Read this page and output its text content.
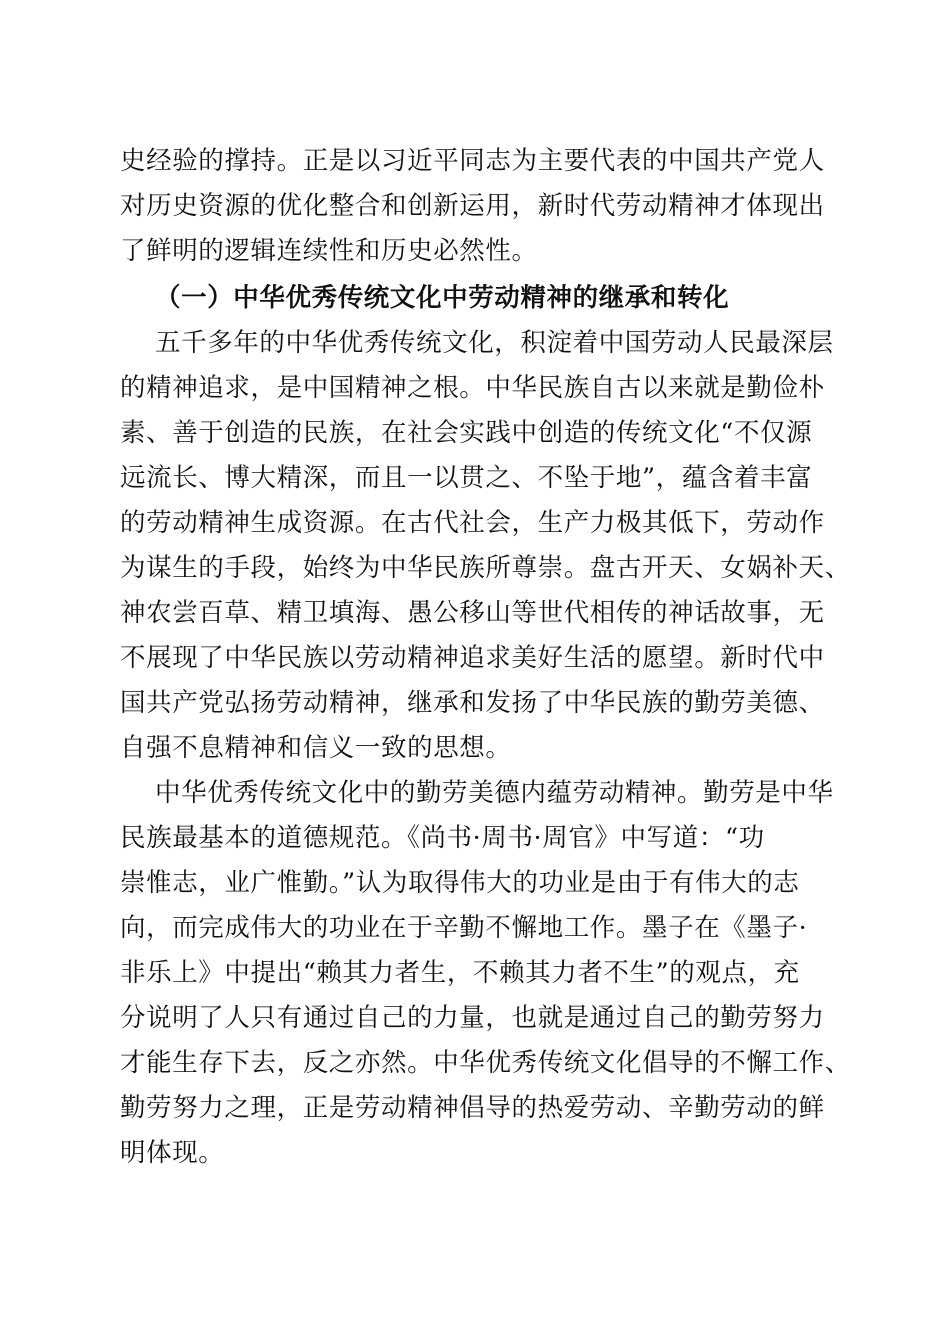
史经验的撑持。正是以习近平同志为主要代表的中国共产党人
对历史资源的优化整合和创新运用，新时代劳动精神才体现出
了鲜明的逻辑连续性和历史必然性。
（一）中华优秀传统文化中劳动精神的继承和转化
五千多年的中华优秀传统文化，积淀着中国劳动人民最深层
的精神追求，是中国精神之根。中华民族自古以来就是勤俭朴
素、善于创造的民族，在社会实践中创造的传统文化“不仅源
远流长、博大精深，而且一以贯之、不坠于地”，蕴含着丰富
的劳动精神生成资源。在古代社会，生产力极其低下，劳动作
为谋生的手段，始终为中华民族所尊崇。盘古开天、女娲补天、
神农尝百草、精卫填海、愚公移山等世代相传的神话故事，无
不展现了中华民族以劳动精神追求美好生活的愿望。新时代中
国共产党弘扬劳动精神，继承和发扬了中华民族的勤劳美德、
自强不息精神和信义一致的思想。
中华优秀传统文化中的勤劳美德内蕴劳动精神。勤劳是中华
民族最基本的道德规范。《尚书·周书·周官》中写道：“功
崇惟志，业广惟勤。”认为取得伟大的功业是由于有伟大的志
向，而完成伟大的功业在于辛勤不懈地工作。墨子在《墨子·
非乐上》中提出“赖其力者生，不赖其力者不生”的观点，充
分说明了人只有通过自己的力量，也就是通过自己的勤劳努力
才能生存下去，反之亦然。中华优秀传统文化倡导的不懈工作、
勤劳努力之理，正是劳动精神倡导的热爱劳动、辛勤劳动的鲜
明体现。
